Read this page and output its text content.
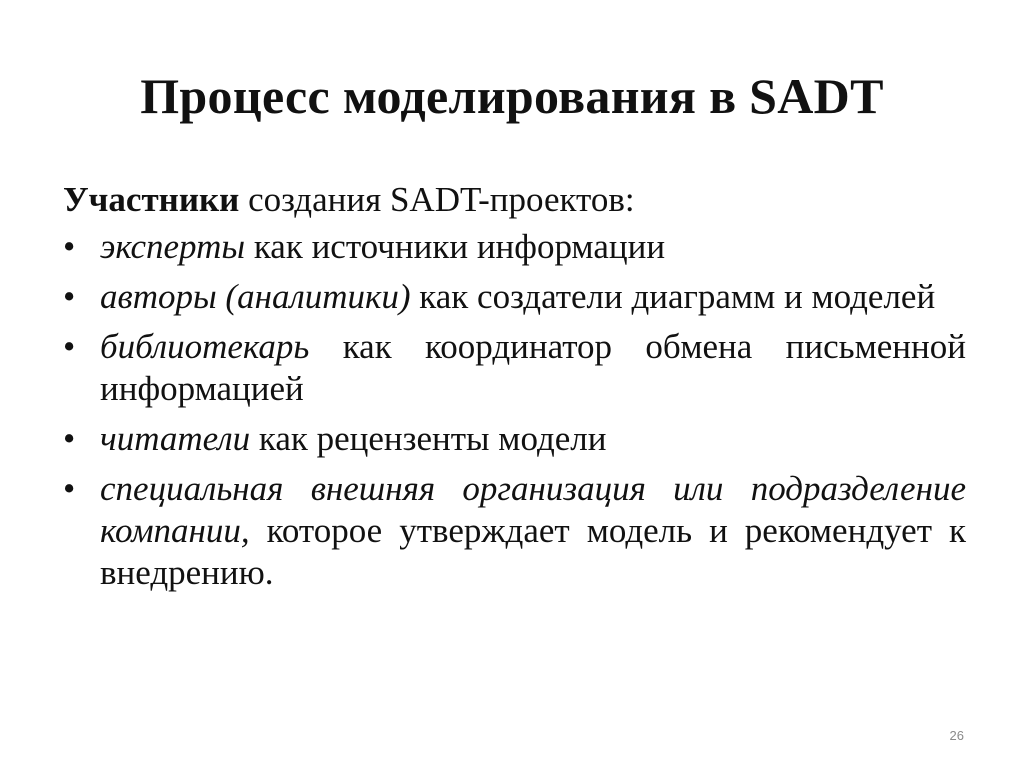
Процесс моделирования в SADT
Участники создания SADT-проектов:
• эксперты как источники информации
• авторы (аналитики) как создатели диаграмм и моделей
• библиотекарь как координатор обмена письменной информацией
• читатели как рецензенты модели
• специальная внешняя организация или подразделение компании, которое утверждает модель и рекомендует к внедрению.
26
